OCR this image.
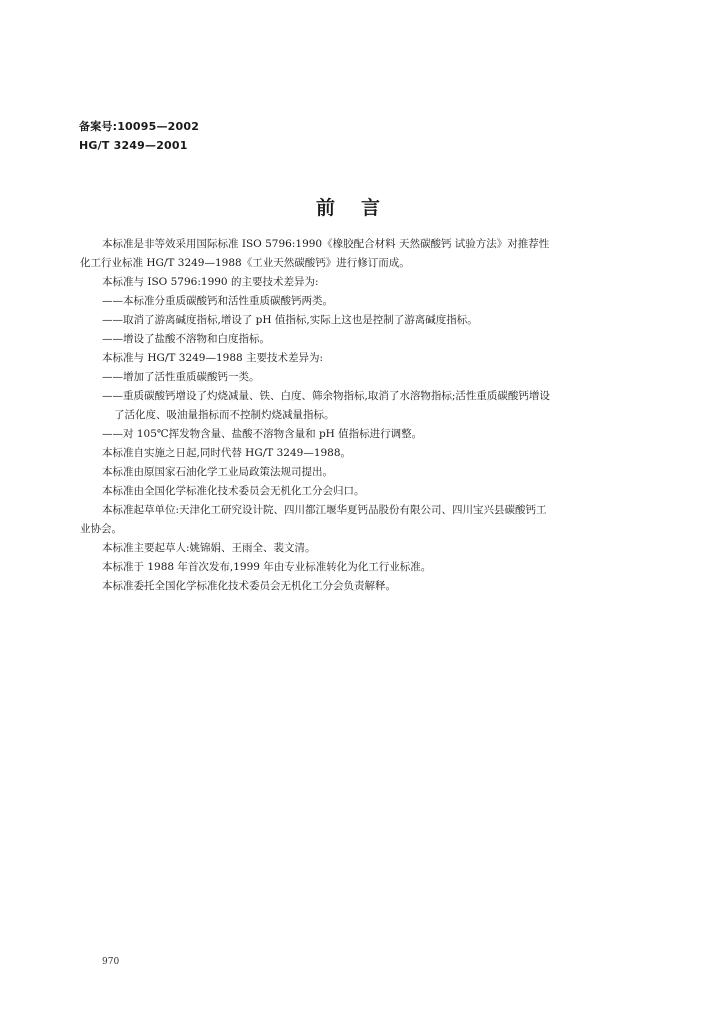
备案号:10095—2002
HG/T 3249—2001
前言

本标准是非等效采用国际标准 ISO 5796:1990《橡胶配合材料 天然碳酸钙 试验方法》对推荐性

化工行业标准 HG/T 3249—1988《工业天然碳酸钙》进行修订而成。

本标准与 ISO 5796:1990 的主要技术差异为:

——本标准分重质碳酸钙和活性重质碳酸钙两类。

——取消了游离碱度指标,增设了 pH 值指标,实际上这也是控制了游离碱度指标。

——增设了盐酸不溶物和白度指标。

本标准与 HG/T 3249—1988 主要技术差异为:

——增加了活性重质碳酸钙一类。

——重质碳酸钙增设了灼烧减量、铁、白度、筛余物指标,取消了水溶物指标;活性重质碳酸钙增设

了活化度、吸油量指标而不控制灼烧减量指标。

——对 105℃挥发物含量、盐酸不溶物含量和 pH 值指标进行调整。

本标准自实施之日起,同时代替 HG/T 3249—1988。

本标准由原国家石油化学工业局政策法规司提出。

本标准由全国化学标准化技术委员会无机化工分会归口。

本标准起草单位:天津化工研究设计院、四川都江堰华夏钙品股份有限公司、四川宝兴县碳酸钙工

业协会。

本标准主要起草人:姚锦娟、王雨全、裴文清。

本标准于 1988 年首次发布,1999 年由专业标准转化为化工行业标准。

本标准委托全国化学标准化技术委员会无机化工分会负责解释。

970
